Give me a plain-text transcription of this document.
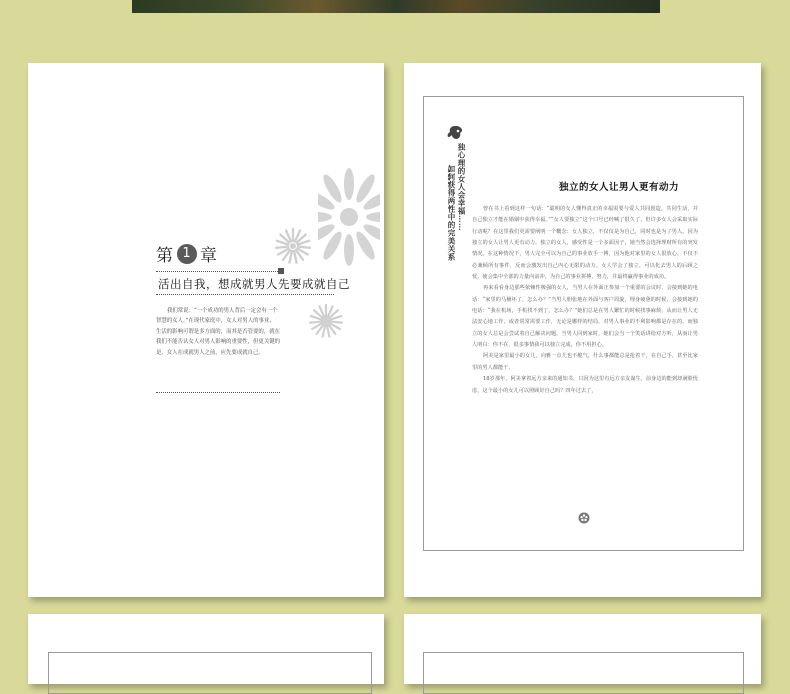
第 1 章
活出自我，想成就男人先要成就自己
我们常说：“一个成功的男人背后一定会有一个智慧的女人。”在现代家庭中，女人对男人的事业、生活的影响可谓是多方面的，而其是否管要的，就在我们不能否认女人对男人影响的重要性，但更关键的是，女人在成就男人之前，应先要成就自己。
独心理的女人会幸福……
如何获得两性中的完美关系	独立的女人让男人更有动力

曾在书上看到这样一句话：“聪明的女人懂得真正的幸福需要与爱人共同创造，共同生活，并自己独立才能在婚姻中获得幸福。”“女人要独立”这个口号已经喊了很久了，但许多女人会采取实际行动呢？在这里我们更需要阐明一个概念：女人独立，不仅仅是为自己，同时也是为了男人。因为独立的女人让男人更有动力。独立的女人，感受性是一个多面因子，她当然会选择理财所有的突发情况。在这种情况下，男人完全可以为自己的事业放手一搏，因为他对家里的女人很放心，不仅不必兼顾所有事件，反而会激发出自己内心无限的动力。女人学会了独立，可以化去男人的后顾之忧，使会集中全部的力量向前冲，为自己的事业拼搏，努力，并最终赢得事业的成功。

再来看看身边那些依赖性极强的女人，当男人在外面正参加一个重要的会议时，会接到她的电话：“家里的马桶坏了，怎么办？”当男人胆张地在外面与客户周旋，埋身疲惫的时候，会接到她的电话：“我在机场，手机找不到了，怎么办？”她们总是在男人繁忙的时候找事麻烦，从而让男人无法安心地工作，或者常常需要工作，无论是哪样的结局，对男人事业的不利影响都是存在的。而独立的女人总是会尝试着自己解决问题，当男人回到家时，她们会当一个笑话讲给对方听，从而让男人明白：你不在，很多事情我可以独立完成，你不用担心。

阿美是家里最小的女儿，向雅一点儿也不脆气，什么事都能总是抢着干，在自己手，甚至比家里的男人都能干。

18岁那年，阿美拿着远方亲来的通知书，只因为这里有远方亲友谋生，前身边的能到却满脸忧虑，这个最小的女儿可以照顾好自己吗？四年过去了，
